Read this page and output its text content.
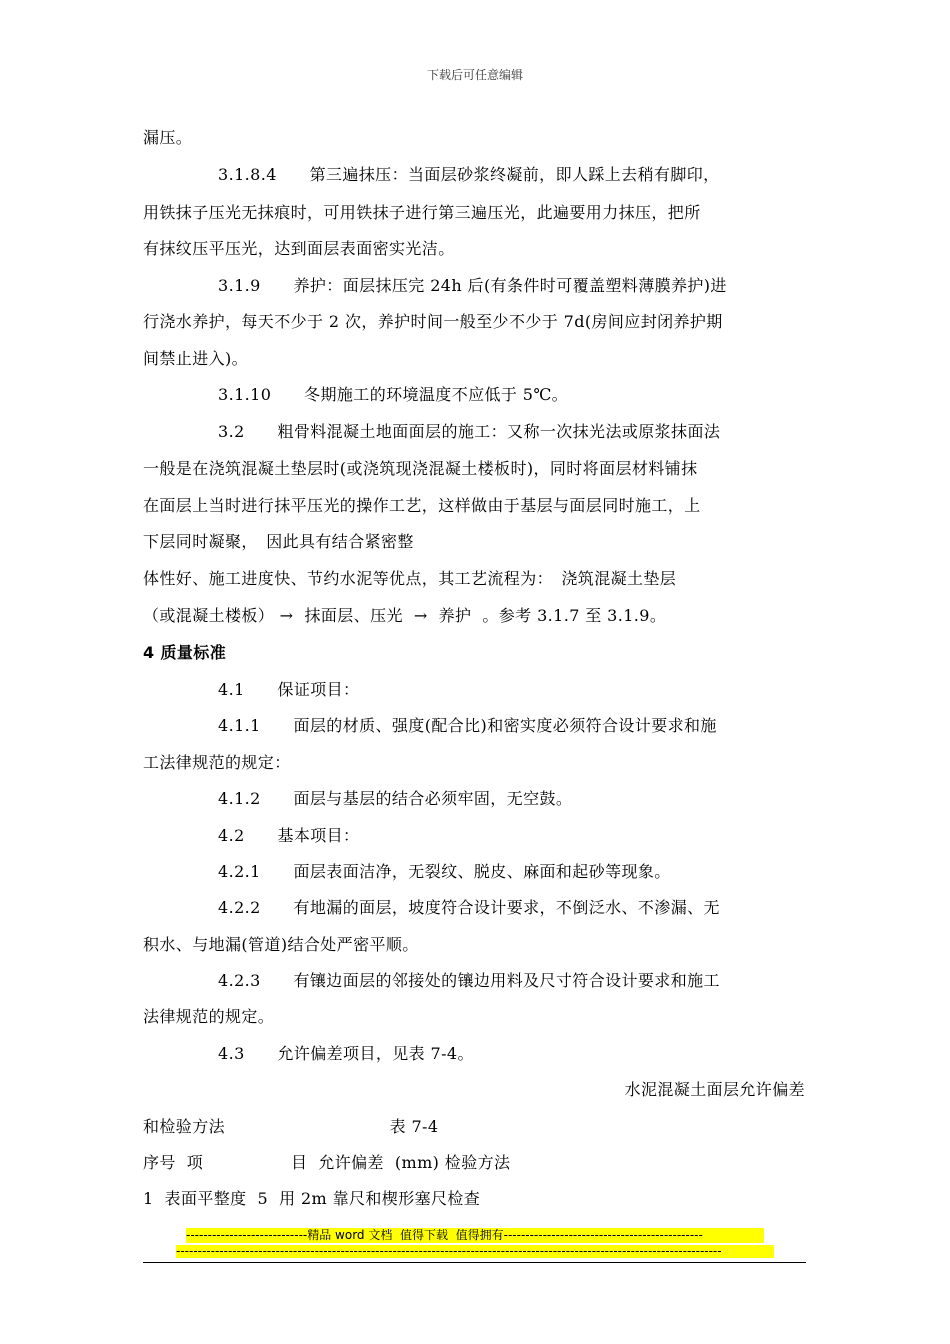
下载后可任意编辑
漏压。
3.1.8.4　　第三遍抹压：当面层砂浆终凝前，即人踩上去稍有脚印，
用铁抹子压光无抹痕时，可用铁抹子进行第三遍压光，此遍要用力抹压，把所
有抹纹压平压光，达到面层表面密实光洁。
3.1.9　　养护：面层抹压完 24h 后(有条件时可覆盖塑料薄膜养护)进
行浇水养护，每天不少于 2 次，养护时间一般至少不少于 7d(房间应封闭养护期
间禁止进入)。
3.1.10　　冬期施工的环境温度不应低于 5℃。
3.2　　粗骨料混凝土地面面层的施工：又称一次抹光法或原浆抹面法
一般是在浇筑混凝土垫层时(或浇筑现浇混凝土楼板时)，同时将面层材料铺抹
在面层上当时进行抹平压光的操作工艺，这样做由于基层与面层同时施工，上
下层同时凝聚，　因此具有结合紧密整
体性好、施工进度快、节约水泥等优点，其工艺流程为：　浇筑混凝土垫层
（或混凝土楼板） →  抹面层、压光  →  养护  。参考 3.1.7 至 3.1.9。
4 质量标准
4.1　　保证项目：
4.1.1　　面层的材质、强度(配合比)和密实度必须符合设计要求和施
工法律规范的规定：
4.1.2　　面层与基层的结合必须牢固，无空鼓。
4.2　　基本项目：
4.2.1　　面层表面洁净，无裂纹、脱皮、麻面和起砂等现象。
4.2.2　　有地漏的面层，坡度符合设计要求，不倒泛水、不渗漏、无
积水、与地漏(管道)结合处严密平顺。
4.2.3　　有镶边面层的邻接处的镶边用料及尺寸符合设计要求和施工
法律规范的规定。
4.3　　允许偏差项目，见表 7-4。
水泥混凝土面层允许偏差
和检验方法                              表 7-4
序号  项                目  允许偏差  (mm) 检验方法
1  表面平整度  5  用 2m 靠尺和楔形塞尺检查
----------------------------精品 word 文档  值得下载  值得拥有----------------------------------------------
------------------------------------------------------------------------------------------------------------------------------
